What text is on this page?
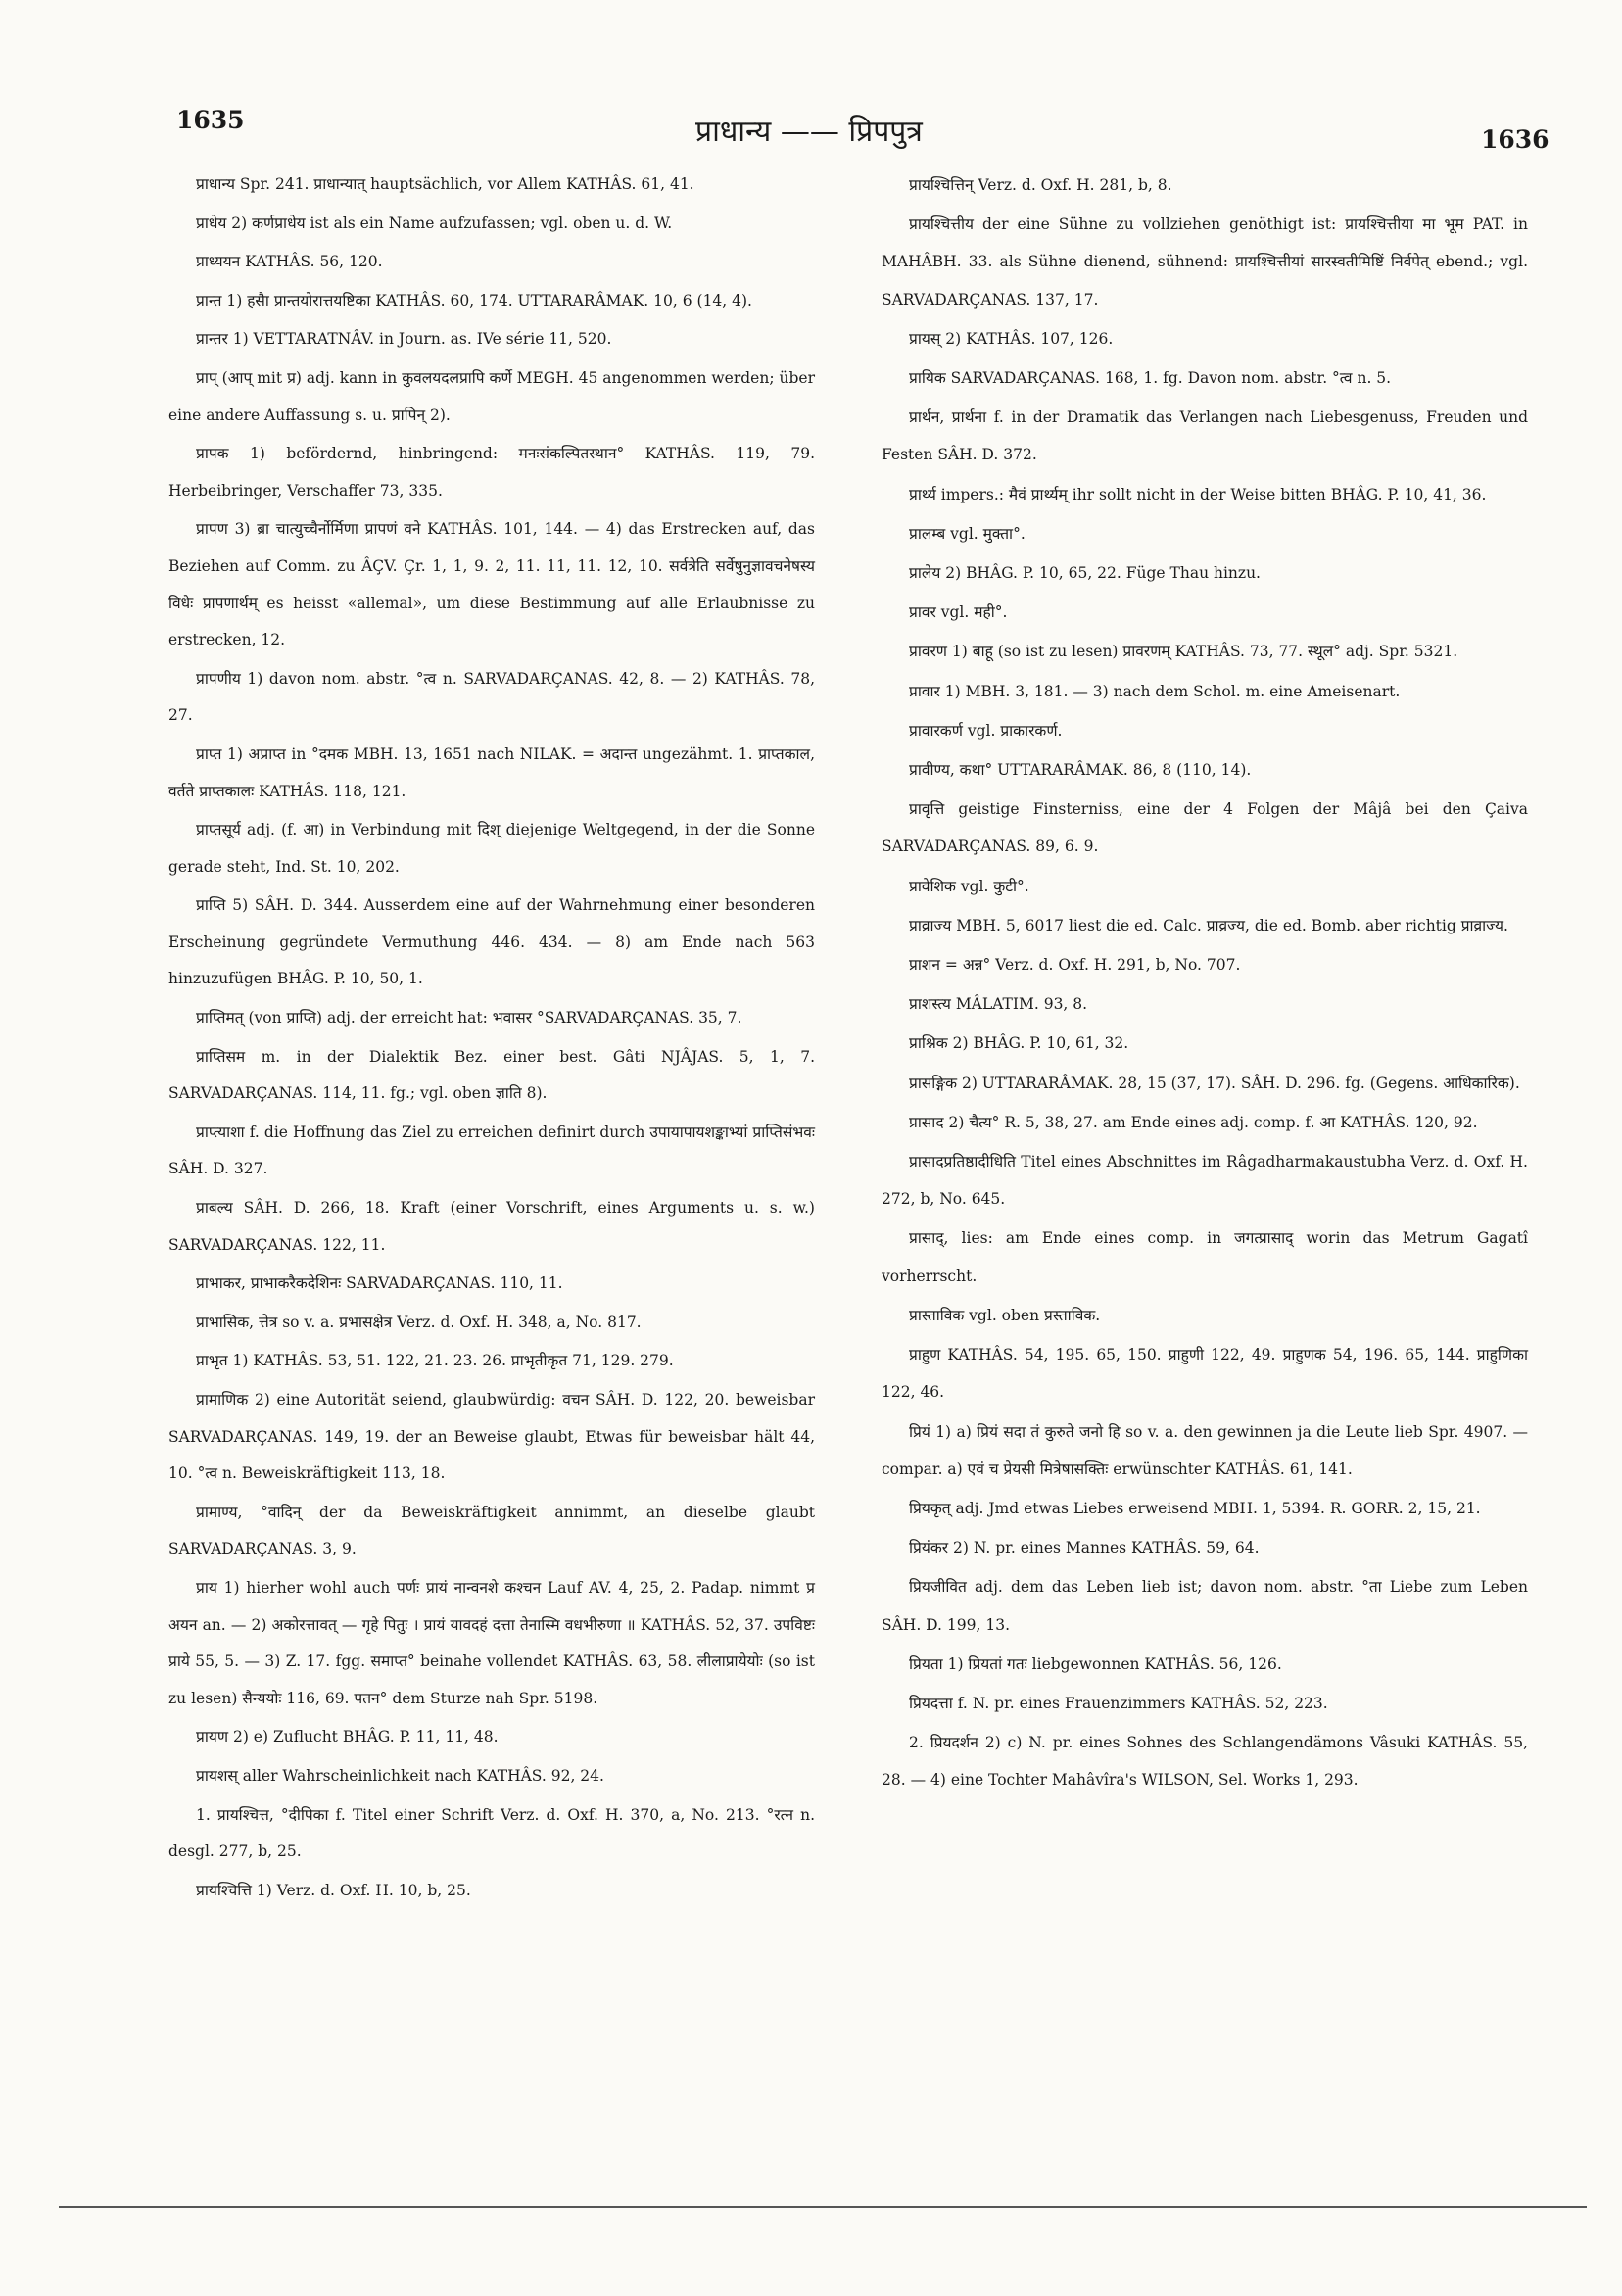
1635	प्राधान्य —— प्रिपपुत्र	1636

प्राधान्य Spr. 241. प्राधान्यात् hauptsächlich, vor Allem KATHÂS. 61, 41.

प्राधेय 2) कर्णप्राधेय ist als ein Name aufzufassen; vgl. oben u. d. W.

प्राध्ययन KATHÂS. 56, 120.

प्रान्त 1) हसैा प्रान्तयोरात्तयष्टिका KATHÂS. 60, 174. UTTARARÂMAK. 10, 6 (14, 4).

प्रान्तर 1) VETTARATNÂV. in Journ. as. IVe série 11, 520.

प्राप् (आप् mit प्र) adj. kann in कुवलयदलप्रापि कर्णे MEGH. 45 angenommen werden; über eine andere Auffassung s. u. प्रापिन् 2).

प्रापक 1) befördernd, hinbringend: मनःसंकल्पितस्थान° KATHÂS. 119, 79. Herbeibringer, Verschaffer 73, 335.

प्रापण 3) ब्रा चात्युच्चैर्नोर्मिणा प्रापणं वने KATHÂS. 101, 144. — 4) das Erstrecken auf, das Beziehen auf Comm. zu ÂÇV. Çr. 1, 1, 9. 2, 11. 11, 11. 12, 10. सर्वत्रेति सर्वेषुनुज्ञावचनेषस्य विधेः प्रापणार्थम् es heisst «allemal», um diese Bestimmung auf alle Erlaubnisse zu erstrecken, 12.

प्रापणीय 1) davon nom. abstr. °त्व n. SARVADARÇANAS. 42, 8. — 2) KATHÂS. 78, 27.

प्राप्त 1) अप्राप्त in °दमक MBH. 13, 1651 nach NILAK. = अदान्त ungezähmt. 1. प्राप्तकाल, वर्तते प्राप्तकालः KATHÂS. 118, 121.

प्राप्तसूर्य adj. (f. आ) in Verbindung mit दिश् diejenige Weltgegend, in der die Sonne gerade steht, Ind. St. 10, 202.

प्राप्ति 5) SÂH. D. 344. Ausserdem eine auf der Wahrnehmung einer besonderen Erscheinung gegründete Vermuthung 446. 434. — 8) am Ende nach 563 hinzuzufügen BHÂG. P. 10, 50, 1.

प्राप्तिमत् (von प्राप्ति) adj. der erreicht hat: भवासर °SARVADARÇANAS. 35, 7.

प्राप्तिसम m. in der Dialektik Bez. einer best. Gâti NJÂJAS. 5, 1, 7. SARVADARÇANAS. 114, 11. fg.; vgl. oben ज्ञाति 8).

प्राप्त्याशा f. die Hoffnung das Ziel zu erreichen definirt durch उपायापायशङ्काभ्यां प्राप्तिसंभवः SÂH. D. 327.

प्राबल्य SÂH. D. 266, 18. Kraft (einer Vorschrift, eines Arguments u. s. w.) SARVADARÇANAS. 122, 11.

प्राभाकर, प्राभाकरैकदेशिनः SARVADARÇANAS. 110, 11.

प्राभासिक, त्तेत्र so v. a. प्रभासक्षेत्र Verz. d. Oxf. H. 348, a, No. 817.

प्राभृत 1) KATHÂS. 53, 51. 122, 21. 23. 26. प्राभृतीकृत 71, 129. 279.

प्रामाणिक 2) eine Autorität seiend, glaubwürdig: वचन SÂH. D. 122, 20. beweisbar SARVADARÇANAS. 149, 19. der an Beweise glaubt, Etwas für beweisbar hält 44, 10. °त्व n. Beweiskräftigkeit 113, 18.

प्रामाण्य, °वादिन् der da Beweiskräftigkeit annimmt, an dieselbe glaubt SARVADARÇANAS. 3, 9.

प्राय 1) hierher wohl auch पर्णः प्रायं नान्वनशे कश्चन Lauf AV. 4, 25, 2. Padap. nimmt प्र अयन an. — 2) अकोरत्तावत् — गृहे पितुः । प्रायं यावदहं दत्ता तेनास्मि वधभीरुणा ॥ KATHÂS. 52, 37. उपविष्टः प्राये 55, 5. — 3) Z. 17. fgg. समाप्त° beinahe vollendet KATHÂS. 63, 58. लीलाप्रायेयोः (so ist zu lesen) सैन्ययोः 116, 69. पतन° dem Sturze nah Spr. 5198.

प्रायण 2) e) Zuflucht BHÂG. P. 11, 11, 48.

प्रायशस् aller Wahrscheinlichkeit nach KATHÂS. 92, 24.

1. प्रायश्चित्त, °दीपिका f. Titel einer Schrift Verz. d. Oxf. H. 370, a, No. 213. °रत्न n. desgl. 277, b, 25.

प्रायश्चित्ति 1) Verz. d. Oxf. H. 10, b, 25.

प्रायश्चित्तिन् Verz. d. Oxf. H. 281, b, 8.

प्रायश्चित्तीय der eine Sühne zu vollziehen genöthigt ist: प्रायश्चित्तीया मा भूम PAT. in MAHÂBH. 33. als Sühne dienend, sühnend: प्रायश्चित्तीयां सारस्वतीमिष्टिं निर्वपेत् ebend.; vgl. SARVADARÇANAS. 137, 17.

प्रायस् 2) KATHÂS. 107, 126.

प्रायिक SARVADARÇANAS. 168, 1. fg. Davon nom. abstr. °त्व n. 5.

प्रार्थन, प्रार्थना f. in der Dramatik das Verlangen nach Liebesgenuss, Freuden und Festen SÂH. D. 372.

प्रार्थ्य impers.: मैवं प्रार्थ्यम् ihr sollt nicht in der Weise bitten BHÂG. P. 10, 41, 36.

प्रालम्ब vgl. मुक्ता°.

प्रालेय 2) BHÂG. P. 10, 65, 22. Füge Thau hinzu.

प्रावर vgl. मही°.

प्रावरण 1) बाहू (so ist zu lesen) प्रावरणम् KATHÂS. 73, 77. स्थूल° adj. Spr. 5321.

प्रावार 1) MBH. 3, 181. — 3) nach dem Schol. m. eine Ameisenart.

प्रावारकर्ण vgl. प्राकारकर्ण.

प्रावीण्य, कथा° UTTARARÂMAK. 86, 8 (110, 14).

प्रावृत्ति geistige Finsterniss, eine der 4 Folgen der Mâjâ bei den Çaiva SARVADARÇANAS. 89, 6. 9.

प्रावेशिक vgl. कुटी°.

प्राव्राज्य MBH. 5, 6017 liest die ed. Calc. प्राव्रज्य, die ed. Bomb. aber richtig प्राव्राज्य.

प्राशन = अन्न° Verz. d. Oxf. H. 291, b, No. 707.

प्राशस्त्य MÂLATIM. 93, 8.

प्राश्निक 2) BHÂG. P. 10, 61, 32.

प्रासङ्गिक 2) UTTARARÂMAK. 28, 15 (37, 17). SÂH. D. 296. fg. (Gegens. आधिकारिक).

प्रासाद 2) चैत्य° R. 5, 38, 27. am Ende eines adj. comp. f. आ KATHÂS. 120, 92.

प्रासादप्रतिष्ठादीधिति Titel eines Abschnittes im Râgadharmakaustubha Verz. d. Oxf. H. 272, b, No. 645.

प्रासाद्, lies: am Ende eines comp. in जगत्प्रासाद् worin das Metrum Gagatî vorherrscht.

प्रास्ताविक vgl. oben प्रस्ताविक.

प्राहुण KATHÂS. 54, 195. 65, 150. प्राहुणी 122, 49. प्राहुणक 54, 196. 65, 144. प्राहुणिका 122, 46.

प्रियं 1) a) प्रियं सदा तं कुरुते जनो हि so v. a. den gewinnen ja die Leute lieb Spr. 4907. — compar. a) एवं च प्रेयसी मित्रेषासक्तिः erwünschter KATHÂS. 61, 141.

प्रियकृत् adj. Jmd etwas Liebes erweisend MBH. 1, 5394. R. GORR. 2, 15, 21.

प्रियंकर 2) N. pr. eines Mannes KATHÂS. 59, 64.

प्रियजीवित adj. dem das Leben lieb ist; davon nom. abstr. °ता Liebe zum Leben SÂH. D. 199, 13.

प्रियता 1) प्रियतां गतः liebgewonnen KATHÂS. 56, 126.

प्रियदत्ता f. N. pr. eines Frauenzimmers KATHÂS. 52, 223.

2. प्रियदर्शन 2) c) N. pr. eines Sohnes des Schlangendämons Vâsuki KATHÂS. 55, 28. — 4) eine Tochter Mahâvîra's WILSON, Sel. Works 1, 293.
